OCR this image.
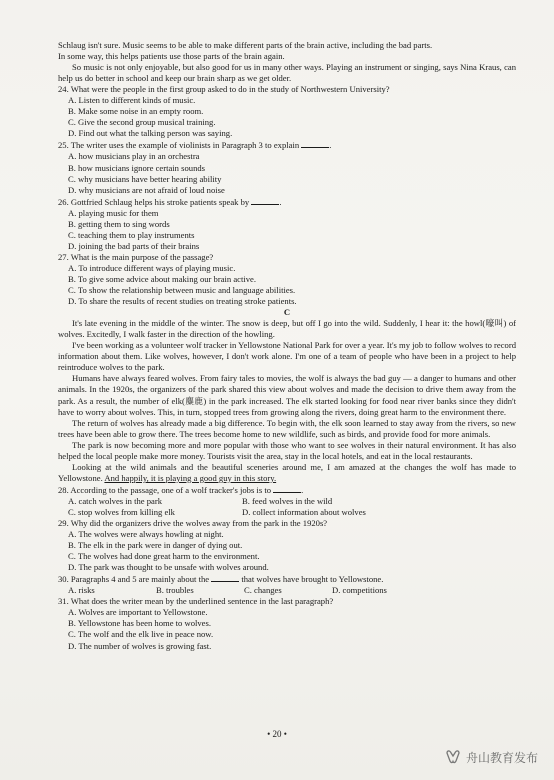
Schlaug isn't sure. Music seems to be able to make different parts of the brain active, including the bad parts.

In some way, this helps patients use those parts of the brain again.

So music is not only enjoyable, but also good for us in many other ways. Playing an instrument or singing, says Nina Kraus, can help us do better in school and keep our brain sharp as we get older.

24. What were the people in the first group asked to do in the study of Northwestern University?

A. Listen to different kinds of music.

B. Make some noise in an empty room.

C. Give the second group musical training.

D. Find out what the talking person was saying.

25. The writer uses the example of violinists in Paragraph 3 to explain	.

A. how musicians play in an orchestra

B. how musicians ignore certain sounds

C. why musicians have better hearing ability

D. why musicians are not afraid of loud noise

26. Gottfried Schlaug helps his stroke patients speak by	.

A. playing music for them

B. getting them to sing words

C. teaching them to play instruments

D. joining the bad parts of their brains

27. What is the main purpose of the passage?

A. To introduce different ways of playing music.

B. To give some advice about making our brain active.

C. To show the relationship between music and language abilities.

D. To share the results of recent studies on treating stroke patients.

C

It's late evening in the middle of the winter. The snow is deep, but off I go into the wild. Suddenly, I hear it: the howl(嚎叫) of wolves. Excitedly, I walk faster in the direction of the howling.

I've been working as a volunteer wolf tracker in Yellowstone National Park for over a year. It's my job to follow wolves to record information about them. Like wolves, however, I don't work alone. I'm one of a team of people who have been in a project to help reintroduce wolves to the park.

Humans have always feared wolves. From fairy tales to movies, the wolf is always the bad guy — a danger to humans and other animals. In the 1920s, the organizers of the park shared this view about wolves and made the decision to drive them away from the park. As a result, the number of elk(麋鹿) in the park increased. The elk started looking for food near river banks since they didn't have to worry about wolves. This, in turn, stopped trees from growing along the rivers, doing great harm to the environment there.

The return of wolves has already made a big difference. To begin with, the elk soon learned to stay away from the rivers, so new trees have been able to grow there. The trees become home to new wildlife, such as birds, and provide food for more animals.

The park is now becoming more and more popular with those who want to see wolves in their natural environment. It has also helped the local people make more money. Tourists visit the area, stay in the local hotels, and eat in the local restaurants.

Looking at the wild animals and the beautiful sceneries around me, I am amazed at the changes the wolf has made to Yellowstone. And happily, it is playing a good guy in this story.

28. According to the passage, one of a wolf tracker's jobs is to	.

A. catch wolves in the park	B. feed wolves in the wild
C. stop wolves from killing elk	D. collect information about wolves

29. Why did the organizers drive the wolves away from the park in the 1920s?

A. The wolves were always howling at night.

B. The elk in the park were in danger of dying out.

C. The wolves had done great harm to the environment.

D. The park was thought to be unsafe with wolves around.

30. Paragraphs 4 and 5 are mainly about the	that wolves have brought to Yellowstone.

A. risks	B. troubles	C. changes	D. competitions

31. What does the writer mean by the underlined sentence in the last paragraph?

A. Wolves are important to Yellowstone.

B. Yellowstone has been home to wolves.

C. The wolf and the elk live in peace now.

D. The number of wolves is growing fast.

• 20 •
舟山教育发布
